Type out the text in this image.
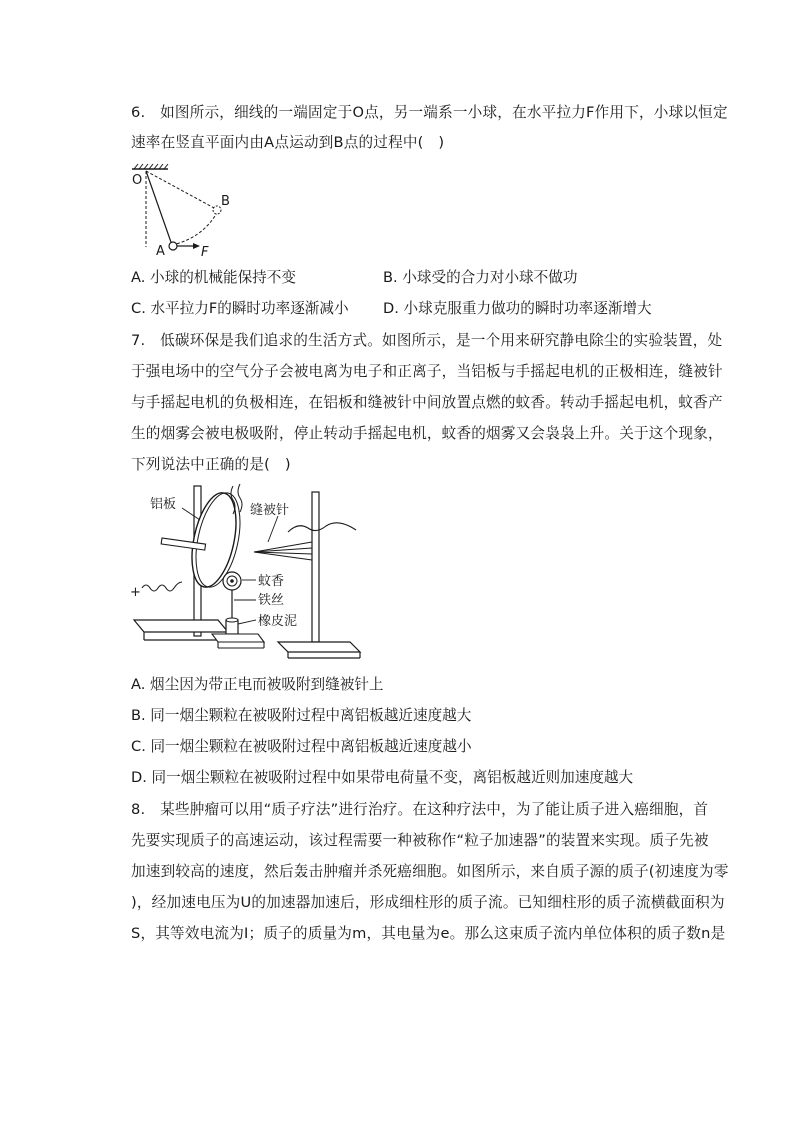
6.　如图所示，细线的一端固定于O点，另一端系一小球，在水平拉力F作用下，小球以恒定
速率在竖直平面内由A点运动到B点的过程中(　)
O
B
A	F
A. 小球的机械能保持不变	B. 小球受的合力对小球不做功
C. 水平拉力F的瞬时功率逐渐减小 D. 小球克服重力做功的瞬时功率逐渐增大
7.　低碳环保是我们追求的生活方式。如图所示，是一个用来研究静电除尘的实验装置，处
于强电场中的空气分子会被电离为电子和正离子，当铝板与手摇起电机的正极相连，缝被针
与手摇起电机的负极相连，在铝板和缝被针中间放置点燃的蚊香。转动手摇起电机，蚊香产
生的烟雾会被电极吸附，停止转动手摇起电机，蚊香的烟雾又会袅袅上升。关于这个现象，
下列说法中正确的是(　)
+
铝板	缝被针
蚊香
铁丝
橡皮泥
A. 烟尘因为带正电而被吸附到缝被针上
B. 同一烟尘颗粒在被吸附过程中离铝板越近速度越大
C. 同一烟尘颗粒在被吸附过程中离铝板越近速度越小
D. 同一烟尘颗粒在被吸附过程中如果带电荷量不变，离铝板越近则加速度越大
8.　某些肿瘤可以用“质子疗法”进行治疗。在这种疗法中，为了能让质子进入癌细胞，首
先要实现质子的高速运动，该过程需要一种被称作“粒子加速器”的装置来实现。质子先被
加速到较高的速度，然后轰击肿瘤并杀死癌细胞。如图所示，来自质子源的质子(初速度为零
)，经加速电压为U的加速器加速后，形成细柱形的质子流。已知细柱形的质子流横截面积为
S，其等效电流为I；质子的质量为m，其电量为e。那么这束质子流内单位体积的质子数n是
